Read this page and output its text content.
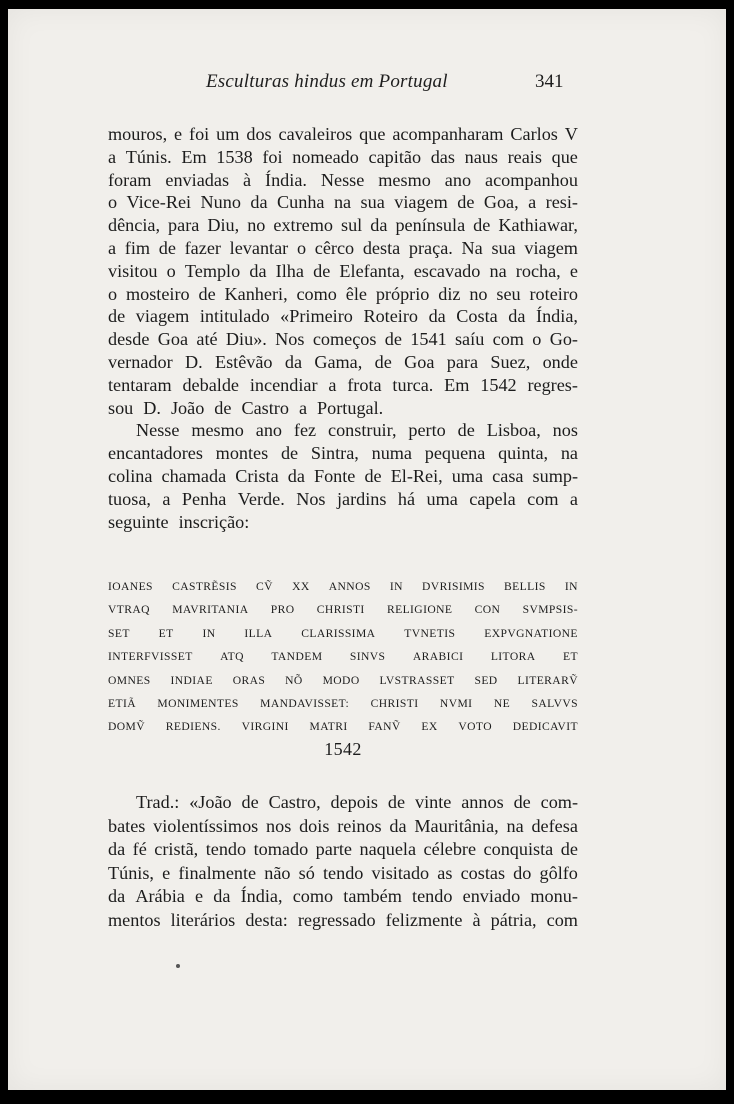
Esculturas hindus em Portugal	341
mouros, e foi um dos cavaleiros que acompanharam Carlos V
a Túnis. Em 1538 foi nomeado capitão das naus reais que
foram enviadas à Índia. Nesse mesmo ano acompanhou
o Vice-Rei Nuno da Cunha na sua viagem de Goa, a resi-
dência, para Diu, no extremo sul da península de Kathiawar,
a fim de fazer levantar o cêrco desta praça. Na sua viagem
visitou o Templo da Ilha de Elefanta, escavado na rocha, e
o mosteiro de Kanheri, como êle próprio diz no seu roteiro
de viagem intitulado «Primeiro Roteiro da Costa da Índia,
desde Goa até Diu». Nos começos de 1541 saíu com o Go-
vernador D. Estêvão da Gama, de Goa para Suez, onde
tentaram debalde incendiar a frota turca. Em 1542 regres-
sou D. João de Castro a Portugal.
Nesse mesmo ano fez construir, perto de Lisboa, nos
encantadores montes de Sintra, numa pequena quinta, na
colina chamada Crista da Fonte de El-Rei, uma casa sump-
tuosa, a Penha Verde. Nos jardins há uma capela com a
seguinte inscrição:
IOANES CASTRẼSIS CṼ XX ANNOS IN DVRISIMIS BELLIS IN
VTRAQ MAVRITANIA PRO CHRISTI RELIGIONE CON SVMPSIS-
SET ET IN ILLA CLARISSIMA TVNETIS EXPVGNATIONE
INTERFVISSET ATQ TANDEM SINVS ARABICI LITORA ET
OMNES INDIAE ORAS NÕ MODO LVSTRASSET SED LITERARṼ
ETIÃ MONIMENTES MANDAVISSET: CHRISTI NVMI NE SALVVS
DOMṼ REDIENS. VIRGINI MATRI FANṼ EX VOTO DEDICAVIT
1542
Trad.: «João de Castro, depois de vinte annos de com-
bates violentíssimos nos dois reinos da Mauritânia, na defesa
da fé cristã, tendo tomado parte naquela célebre conquista de
Túnis, e finalmente não só tendo visitado as costas do gôlfo
da Arábia e da Índia, como também tendo enviado monu-
mentos literários desta: regressado felizmente à pátria, com
